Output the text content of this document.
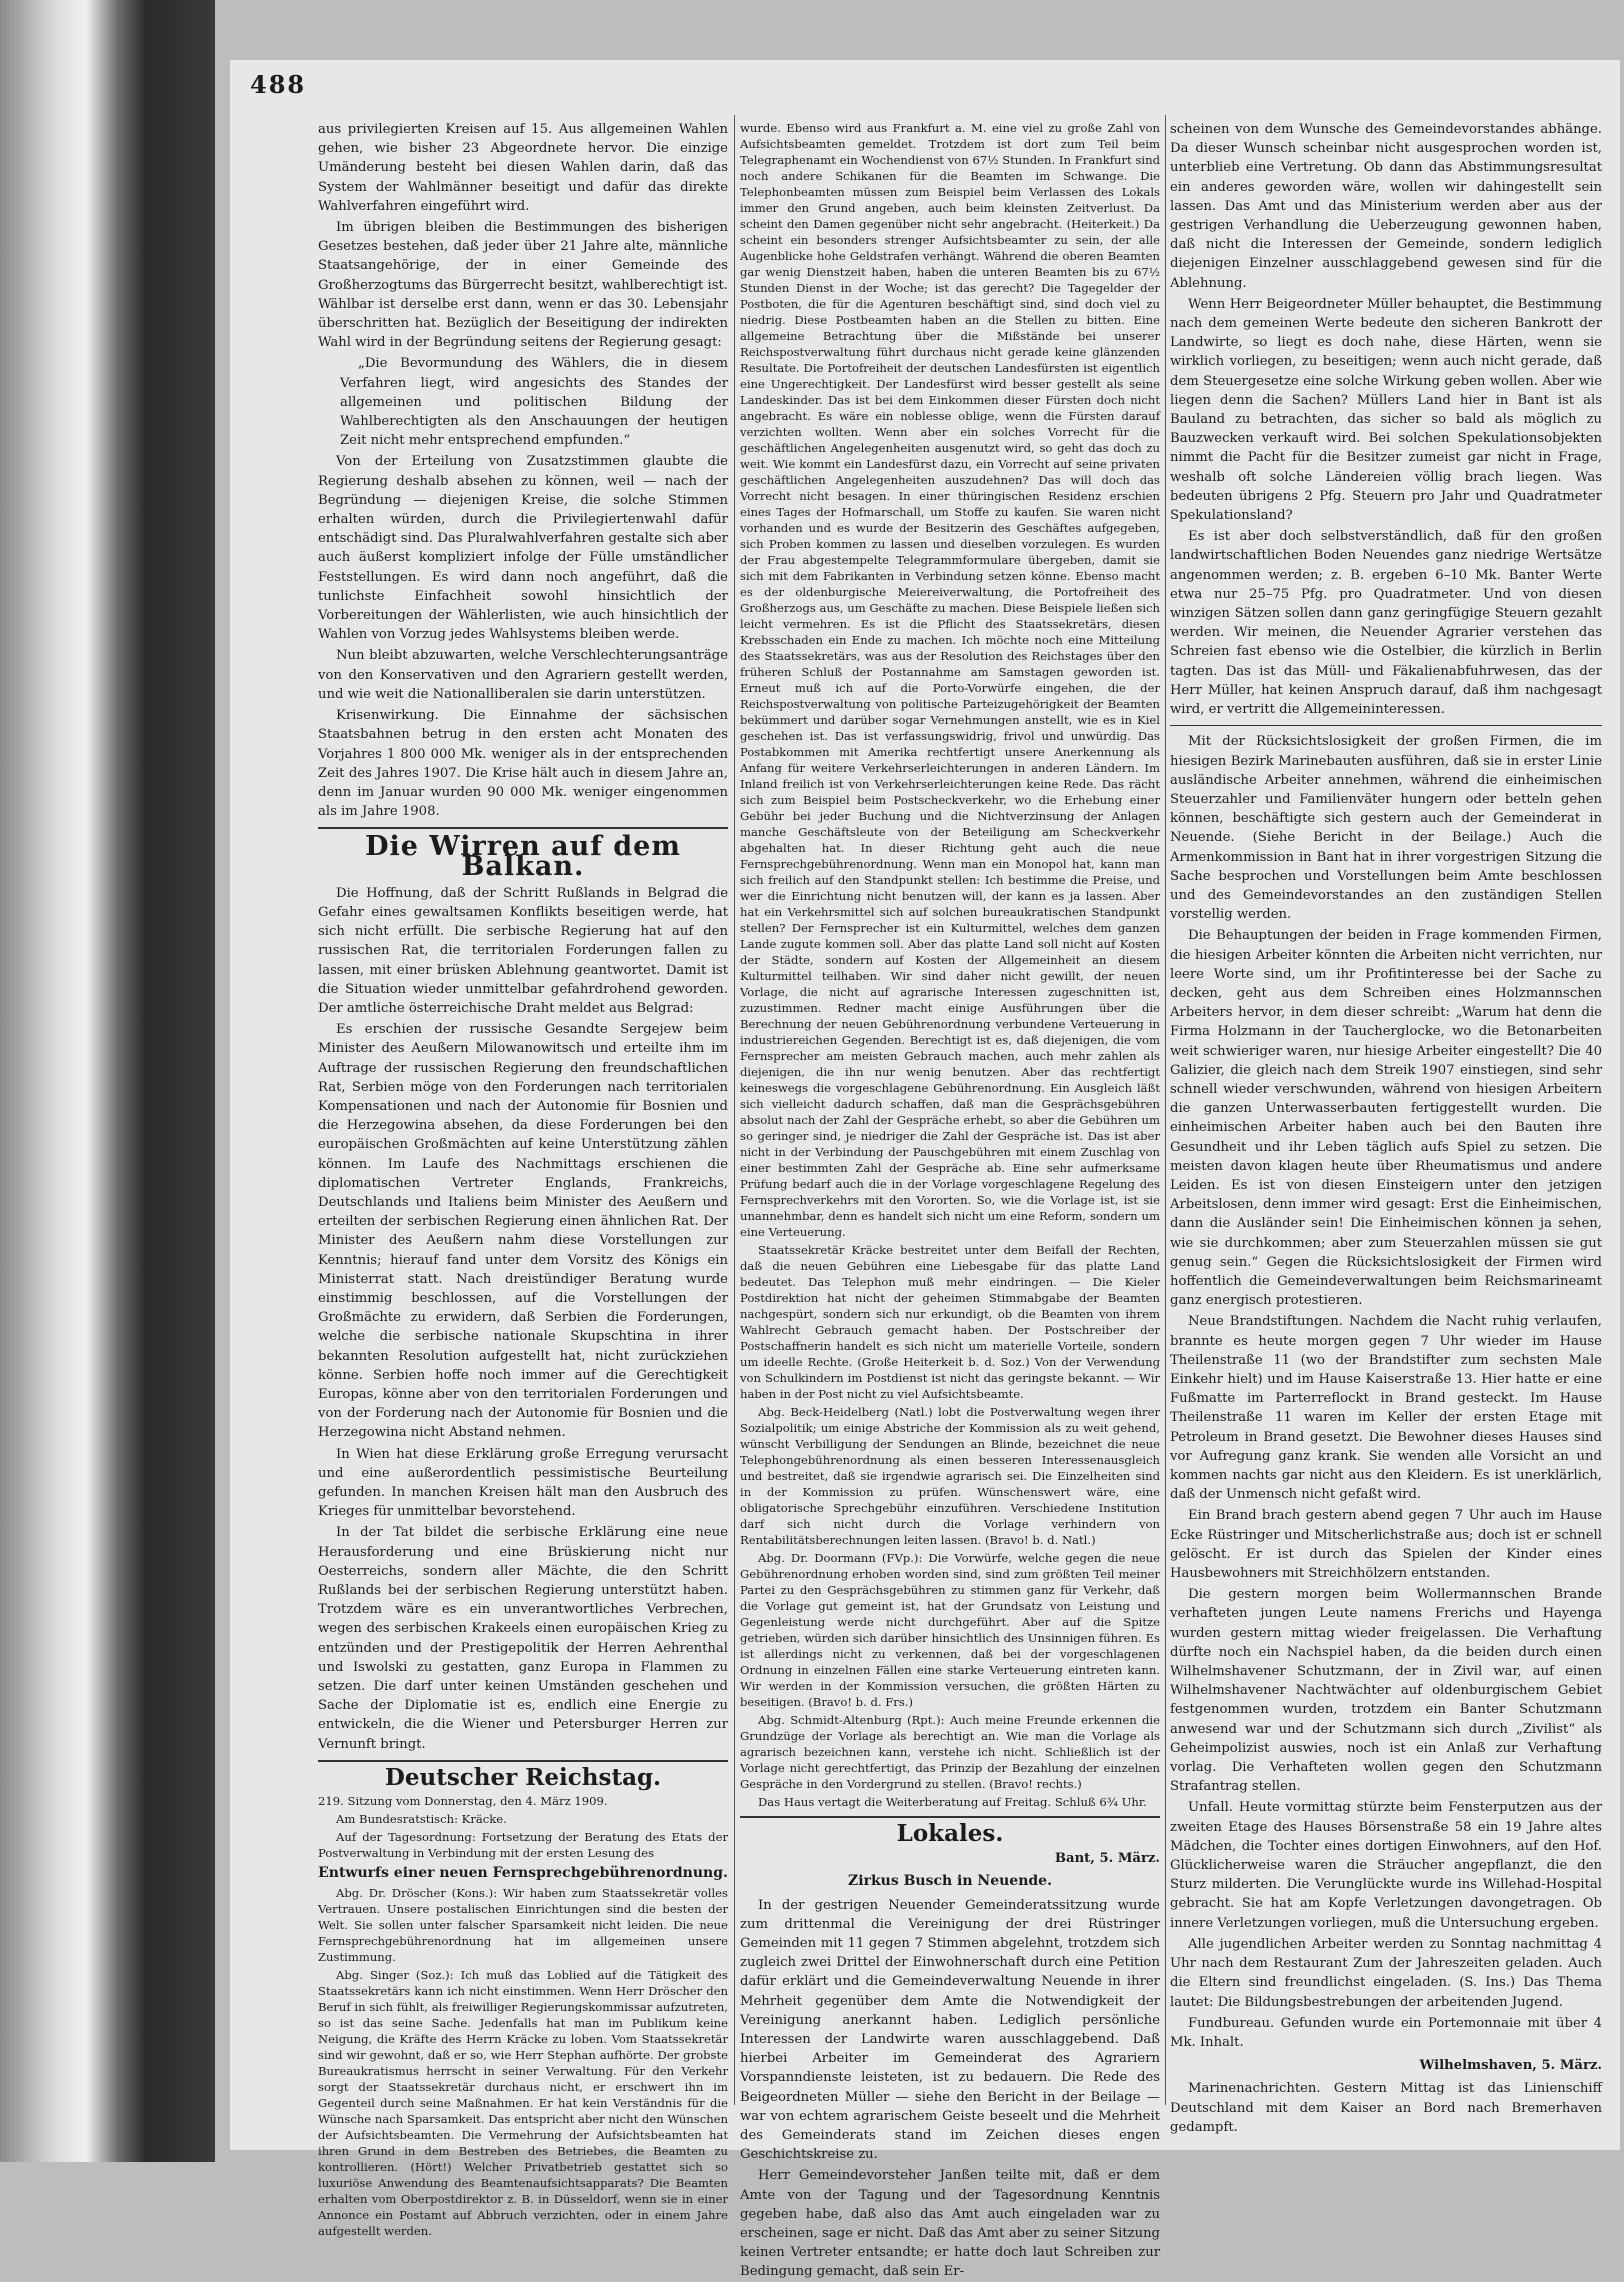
488

aus privilegierten Kreisen auf 15. Aus allgemeinen Wahlen gehen, wie bisher 23 Abgeordnete hervor. Die einzige Umänderung besteht bei diesen Wahlen darin, daß das System der Wahlmänner beseitigt und dafür das direkte Wahlverfahren eingeführt wird.

Im übrigen bleiben die Bestimmungen des bisherigen Gesetzes bestehen, daß jeder über 21 Jahre alte, männliche Staatsangehörige, der in einer Gemeinde des Großherzogtums das Bürgerrecht besitzt, wahlberechtigt ist. Wählbar ist derselbe erst dann, wenn er das 30. Lebensjahr überschritten hat. Bezüglich der Beseitigung der indirekten Wahl wird in der Begründung seitens der Regierung gesagt:

„Die Bevormundung des Wählers, die in diesem Verfahren liegt, wird angesichts des Standes der allgemeinen und politischen Bildung der Wahlberechtigten als den Anschauungen der heutigen Zeit nicht mehr entsprechend empfunden.“

Von der Erteilung von Zusatzstimmen glaubte die Regierung deshalb absehen zu können, weil — nach der Begründung — diejenigen Kreise, die solche Stimmen erhalten würden, durch die Privilegiertenwahl dafür entschädigt sind. Das Pluralwahlverfahren gestalte sich aber auch äußerst kompliziert infolge der Fülle umständlicher Feststellungen. Es wird dann noch angeführt, daß die tunlichste Einfachheit sowohl hinsichtlich der Vorbereitungen der Wählerlisten, wie auch hinsichtlich der Wahlen von Vorzug jedes Wahlsystems bleiben werde.

Nun bleibt abzuwarten, welche Verschlechterungsanträge von den Konservativen und den Agrariern gestellt werden, und wie weit die Nationalliberalen sie darin unterstützen.

Krisenwirkung. Die Einnahme der sächsischen Staatsbahnen betrug in den ersten acht Monaten des Vorjahres 1 800 000 Mk. weniger als in der entsprechenden Zeit des Jahres 1907. Die Krise hält auch in diesem Jahre an, denn im Januar wurden 90 000 Mk. weniger eingenommen als im Jahre 1908.

Die Wirren auf dem Balkan.

Die Hoffnung, daß der Schritt Rußlands in Belgrad die Gefahr eines gewaltsamen Konflikts beseitigen werde, hat sich nicht erfüllt. Die serbische Regierung hat auf den russischen Rat, die territorialen Forderungen fallen zu lassen, mit einer brüsken Ablehnung geantwortet. Damit ist die Situation wieder unmittelbar gefahrdrohend geworden. Der amtliche österreichische Draht meldet aus Belgrad:

Es erschien der russische Gesandte Sergejew beim Minister des Aeußern Milowanowitsch und erteilte ihm im Auftrage der russischen Regierung den freundschaftlichen Rat, Serbien möge von den Forderungen nach territorialen Kompensationen und nach der Autonomie für Bosnien und die Herzegowina absehen, da diese Forderungen bei den europäischen Großmächten auf keine Unterstützung zählen können. Im Laufe des Nachmittags erschienen die diplomatischen Vertreter Englands, Frankreichs, Deutschlands und Italiens beim Minister des Aeußern und erteilten der serbischen Regierung einen ähnlichen Rat. Der Minister des Aeußern nahm diese Vorstellungen zur Kenntnis; hierauf fand unter dem Vorsitz des Königs ein Ministerrat statt. Nach dreistündiger Beratung wurde einstimmig beschlossen, auf die Vorstellungen der Großmächte zu erwidern, daß Serbien die Forderungen, welche die serbische nationale Skupschtina in ihrer bekannten Resolution aufgestellt hat, nicht zurückziehen könne. Serbien hoffe noch immer auf die Gerechtigkeit Europas, könne aber von den territorialen Forderungen und von der Forderung nach der Autonomie für Bosnien und die Herzegowina nicht Abstand nehmen.

In Wien hat diese Erklärung große Erregung verursacht und eine außerordentlich pessimistische Beurteilung gefunden. In manchen Kreisen hält man den Ausbruch des Krieges für unmittelbar bevorstehend.

In der Tat bildet die serbische Erklärung eine neue Herausforderung und eine Brüskierung nicht nur Oesterreichs, sondern aller Mächte, die den Schritt Rußlands bei der serbischen Regierung unterstützt haben. Trotzdem wäre es ein unverantwortliches Verbrechen, wegen des serbischen Krakeels einen europäischen Krieg zu entzünden und der Prestigepolitik der Herren Aehrenthal und Iswolski zu gestatten, ganz Europa in Flammen zu setzen. Die darf unter keinen Umständen geschehen und Sache der Diplomatie ist es, endlich eine Energie zu entwickeln, die die Wiener und Petersburger Herren zur Vernunft bringt.

Deutscher Reichstag.

219. Sitzung vom Donnerstag, den 4. März 1909.

Am Bundesratstisch: Kräcke.

Auf der Tagesordnung: Fortsetzung der Beratung des Etats der Postverwaltung in Verbindung mit der ersten Lesung des

Entwurfs einer neuen Fernsprechgebührenordnung.

Abg. Dr. Dröscher (Kons.): Wir haben zum Staatssekretär volles Vertrauen. Unsere postalischen Einrichtungen sind die besten der Welt. Sie sollen unter falscher Sparsamkeit nicht leiden. Die neue Fernsprechgebührenordnung hat im allgemeinen unsere Zustimmung.

Abg. Singer (Soz.): Ich muß das Loblied auf die Tätigkeit des Staatssekretärs kann ich nicht einstimmen. Wenn Herr Dröscher den Beruf in sich fühlt, als freiwilliger Regierungskommissar aufzutreten, so ist das seine Sache. Jedenfalls hat man im Publikum keine Neigung, die Kräfte des Herrn Kräcke zu loben. Vom Staatssekretär sind wir gewohnt, daß er so, wie Herr Stephan aufhörte. Der grobste Bureaukratismus herrscht in seiner Verwaltung. Für den Verkehr sorgt der Staatssekretär durchaus nicht, er erschwert ihn im Gegenteil durch seine Maßnahmen. Er hat kein Verständnis für die Wünsche nach Sparsamkeit. Das entspricht aber nicht den Wünschen der Aufsichtsbeamten. Die Vermehrung der Aufsichtsbeamten hat ihren Grund in dem Bestreben des Betriebes, die Beamten zu kontrollieren. (Hört!) Welcher Privatbetrieb gestattet sich so luxuriöse Anwendung des Beamtenaufsichtsapparats? Die Beamten erhalten vom Oberpostdirektor z. B. in Düsseldorf, wenn sie in einer Annonce ein Postamt auf Abbruch verzichten, oder in einem Jahre aufgestellt werden.

wurde. Ebenso wird aus Frankfurt a. M. eine viel zu große Zahl von Aufsichtsbeamten gemeldet. Trotzdem ist dort zum Teil beim Telegraphenamt ein Wochendienst von 67½ Stunden. In Frankfurt sind noch andere Schikanen für die Beamten im Schwange. Die Telephonbeamten müssen zum Beispiel beim Verlassen des Lokals immer den Grund angeben, auch beim kleinsten Zeitverlust. Da scheint den Damen gegenüber nicht sehr angebracht. (Heiterkeit.) Da scheint ein besonders strenger Aufsichtsbeamter zu sein, der alle Augenblicke hohe Geldstrafen verhängt. Während die oberen Beamten gar wenig Dienstzeit haben, haben die unteren Beamten bis zu 67½ Stunden Dienst in der Woche; ist das gerecht? Die Tagegelder der Postboten, die für die Agenturen beschäftigt sind, sind doch viel zu niedrig. Diese Postbeamten haben an die Stellen zu bitten. Eine allgemeine Betrachtung über die Mißstände bei unserer Reichspostverwaltung führt durchaus nicht gerade keine glänzenden Resultate. Die Portofreiheit der deutschen Landesfürsten ist eigentlich eine Ungerechtigkeit. Der Landesfürst wird besser gestellt als seine Landeskinder. Das ist bei dem Einkommen dieser Fürsten doch nicht angebracht. Es wäre ein noblesse oblige, wenn die Fürsten darauf verzichten wollten. Wenn aber ein solches Vorrecht für die geschäftlichen Angelegenheiten ausgenutzt wird, so geht das doch zu weit. Wie kommt ein Landesfürst dazu, ein Vorrecht auf seine privaten geschäftlichen Angelegenheiten auszudehnen? Das will doch das Vorrecht nicht besagen. In einer thüringischen Residenz erschien eines Tages der Hofmarschall, um Stoffe zu kaufen. Sie waren nicht vorhanden und es wurde der Besitzerin des Geschäftes aufgegeben, sich Proben kommen zu lassen und dieselben vorzulegen. Es wurden der Frau abgestempelte Telegrammformulare übergeben, damit sie sich mit dem Fabrikanten in Verbindung setzen könne. Ebenso macht es der oldenburgische Meiereiverwaltung, die Portofreiheit des Großherzogs aus, um Geschäfte zu machen. Diese Beispiele ließen sich leicht vermehren. Es ist die Pflicht des Staatssekretärs, diesen Krebsschaden ein Ende zu machen. Ich möchte noch eine Mitteilung des Staatssekretärs, was aus der Resolution des Reichstages über den früheren Schluß der Postannahme am Samstagen geworden ist. Erneut muß ich auf die Porto-Vorwürfe eingehen, die der Reichspostverwaltung von politische Parteizugehörigkeit der Beamten bekümmert und darüber sogar Vernehmungen anstellt, wie es in Kiel geschehen ist. Das ist verfassungswidrig, frivol und unwürdig. Das Postabkommen mit Amerika rechtfertigt unsere Anerkennung als Anfang für weitere Verkehrserleichterungen in anderen Ländern. Im Inland freilich ist von Verkehrserleichterungen keine Rede. Das rächt sich zum Beispiel beim Postscheckverkehr, wo die Erhebung einer Gebühr bei jeder Buchung und die Nichtverzinsung der Anlagen manche Geschäftsleute von der Beteiligung am Scheckverkehr abgehalten hat. In dieser Richtung geht auch die neue Fernsprechgebührenordnung. Wenn man ein Monopol hat, kann man sich freilich auf den Standpunkt stellen: Ich bestimme die Preise, und wer die Einrichtung nicht benutzen will, der kann es ja lassen. Aber hat ein Verkehrsmittel sich auf solchen bureaukratischen Standpunkt stellen? Der Fernsprecher ist ein Kulturmittel, welches dem ganzen Lande zugute kommen soll. Aber das platte Land soll nicht auf Kosten der Städte, sondern auf Kosten der Allgemeinheit an diesem Kulturmittel teilhaben. Wir sind daher nicht gewillt, der neuen Vorlage, die nicht auf agrarische Interessen zugeschnitten ist, zuzustimmen. Redner macht einige Ausführungen über die Berechnung der neuen Gebührenordnung verbundene Verteuerung in industriereichen Gegenden. Berechtigt ist es, daß diejenigen, die vom Fernsprecher am meisten Gebrauch machen, auch mehr zahlen als diejenigen, die ihn nur wenig benutzen. Aber das rechtfertigt keineswegs die vorgeschlagene Gebührenordnung. Ein Ausgleich läßt sich vielleicht dadurch schaffen, daß man die Gesprächsgebühren absolut nach der Zahl der Gespräche erhebt, so aber die Gebühren um so geringer sind, je niedriger die Zahl der Gespräche ist. Das ist aber nicht in der Verbindung der Pauschgebühren mit einem Zuschlag von einer bestimmten Zahl der Gespräche ab. Eine sehr aufmerksame Prüfung bedarf auch die in der Vorlage vorgeschlagene Regelung des Fernsprechverkehrs mit den Vororten. So, wie die Vorlage ist, ist sie unannehmbar, denn es handelt sich nicht um eine Reform, sondern um eine Verteuerung.

Staatssekretär Kräcke bestreitet unter dem Beifall der Rechten, daß die neuen Gebühren eine Liebesgabe für das platte Land bedeutet. Das Telephon muß mehr eindringen. — Die Kieler Postdirektion hat nicht der geheimen Stimmabgabe der Beamten nachgespürt, sondern sich nur erkundigt, ob die Beamten von ihrem Wahlrecht Gebrauch gemacht haben. Der Postschreiber der Postschaffnerin handelt es sich nicht um materielle Vorteile, sondern um ideelle Rechte. (Große Heiterkeit b. d. Soz.) Von der Verwendung von Schulkindern im Postdienst ist nicht das geringste bekannt. — Wir haben in der Post nicht zu viel Aufsichtsbeamte.

Abg. Beck-Heidelberg (Natl.) lobt die Postverwaltung wegen ihrer Sozialpolitik; um einige Abstriche der Kommission als zu weit gehend, wünscht Verbilligung der Sendungen an Blinde, bezeichnet die neue Telephongebührenordnung als einen besseren Interessenausgleich und bestreitet, daß sie irgendwie agrarisch sei. Die Einzelheiten sind in der Kommission zu prüfen. Wünschenswert wäre, eine obligatorische Sprechgebühr einzuführen. Verschiedene Institution darf sich nicht durch die Vorlage verhindern von Rentabilitätsberechnungen leiten lassen. (Bravo! b. d. Natl.)

Abg. Dr. Doormann (FVp.): Die Vorwürfe, welche gegen die neue Gebührenordnung erhoben worden sind, sind zum größten Teil meiner Partei zu den Gesprächsgebühren zu stimmen ganz für Verkehr, daß die Vorlage gut gemeint ist, hat der Grundsatz von Leistung und Gegenleistung werde nicht durchgeführt. Aber auf die Spitze getrieben, würden sich darüber hinsichtlich des Unsinnigen führen. Es ist allerdings nicht zu verkennen, daß bei der vorgeschlagenen Ordnung in einzelnen Fällen eine starke Verteuerung eintreten kann. Wir werden in der Kommission versuchen, die größten Härten zu beseitigen. (Bravo! b. d. Frs.)

Abg. Schmidt-Altenburg (Rpt.): Auch meine Freunde erkennen die Grundzüge der Vorlage als berechtigt an. Wie man die Vorlage als agrarisch bezeichnen kann, verstehe ich nicht. Schließlich ist der Vorlage nicht gerechtfertigt, das Prinzip der Bezahlung der einzelnen Gespräche in den Vordergrund zu stellen. (Bravo! rechts.)

Das Haus vertagt die Weiterberatung auf Freitag. Schluß 6¾ Uhr.

Lokales.

Bant, 5. März.

Zirkus Busch in Neuende.

In der gestrigen Neuender Gemeinderatssitzung wurde zum drittenmal die Vereinigung der drei Rüstringer Gemeinden mit 11 gegen 7 Stimmen abgelehnt, trotzdem sich zugleich zwei Drittel der Einwohnerschaft durch eine Petition dafür erklärt und die Gemeindeverwaltung Neuende in ihrer Mehrheit gegenüber dem Amte die Notwendigkeit der Vereinigung anerkannt haben. Lediglich persönliche Interessen der Landwirte waren ausschlaggebend. Daß hierbei Arbeiter im Gemeinderat des Agrariern Vorspanndienste leisteten, ist zu bedauern. Die Rede des Beigeordneten Müller — siehe den Bericht in der Beilage — war von echtem agrarischem Geiste beseelt und die Mehrheit des Gemeinderats stand im Zeichen dieses engen Geschichtskreise zu.

Herr Gemeindevorsteher Janßen teilte mit, daß er dem Amte von der Tagung und der Tagesordnung Kenntnis gegeben habe, daß also das Amt auch eingeladen war zu erscheinen, sage er nicht. Daß das Amt aber zu seiner Sitzung keinen Vertreter entsandte; er hatte doch laut Schreiben zur Bedingung gemacht, daß sein Er-

scheinen von dem Wunsche des Gemeindevorstandes abhänge. Da dieser Wunsch scheinbar nicht ausgesprochen worden ist, unterblieb eine Vertretung. Ob dann das Abstimmungsresultat ein anderes geworden wäre, wollen wir dahingestellt sein lassen. Das Amt und das Ministerium werden aber aus der gestrigen Verhandlung die Ueberzeugung gewonnen haben, daß nicht die Interessen der Gemeinde, sondern lediglich diejenigen Einzelner ausschlaggebend gewesen sind für die Ablehnung.

Wenn Herr Beigeordneter Müller behauptet, die Bestimmung nach dem gemeinen Werte bedeute den sicheren Bankrott der Landwirte, so liegt es doch nahe, diese Härten, wenn sie wirklich vorliegen, zu beseitigen; wenn auch nicht gerade, daß dem Steuergesetze eine solche Wirkung geben wollen. Aber wie liegen denn die Sachen? Müllers Land hier in Bant ist als Bauland zu betrachten, das sicher so bald als möglich zu Bauzwecken verkauft wird. Bei solchen Spekulationsobjekten nimmt die Pacht für die Besitzer zumeist gar nicht in Frage, weshalb oft solche Ländereien völlig brach liegen. Was bedeuten übrigens 2 Pfg. Steuern pro Jahr und Quadratmeter Spekulationsland?

Es ist aber doch selbstverständlich, daß für den großen landwirtschaftlichen Boden Neuendes ganz niedrige Wertsätze angenommen werden; z. B. ergeben 6–10 Mk. Banter Werte etwa nur 25–75 Pfg. pro Quadratmeter. Und von diesen winzigen Sätzen sollen dann ganz geringfügige Steuern gezahlt werden. Wir meinen, die Neuender Agrarier verstehen das Schreien fast ebenso wie die Ostelbier, die kürzlich in Berlin tagten. Das ist das Müll- und Fäkalienabfuhrwesen, das der Herr Müller, hat keinen Anspruch darauf, daß ihm nachgesagt wird, er vertritt die Allgemeininteressen.

Mit der Rücksichtslosigkeit der großen Firmen, die im hiesigen Bezirk Marinebauten ausführen, daß sie in erster Linie ausländische Arbeiter annehmen, während die einheimischen Steuerzahler und Familienväter hungern oder betteln gehen können, beschäftigte sich gestern auch der Gemeinderat in Neuende. (Siehe Bericht in der Beilage.) Auch die Armenkommission in Bant hat in ihrer vorgestrigen Sitzung die Sache besprochen und Vorstellungen beim Amte beschlossen und des Gemeindevorstandes an den zuständigen Stellen vorstellig werden.

Die Behauptungen der beiden in Frage kommenden Firmen, die hiesigen Arbeiter könnten die Arbeiten nicht verrichten, nur leere Worte sind, um ihr Profitinteresse bei der Sache zu decken, geht aus dem Schreiben eines Holzmannschen Arbeiters hervor, in dem dieser schreibt: „Warum hat denn die Firma Holzmann in der Taucherglocke, wo die Betonarbeiten weit schwieriger waren, nur hiesige Arbeiter eingestellt? Die 40 Galizier, die gleich nach dem Streik 1907 einstiegen, sind sehr schnell wieder verschwunden, während von hiesigen Arbeitern die ganzen Unterwasserbauten fertiggestellt wurden. Die einheimischen Arbeiter haben auch bei den Bauten ihre Gesundheit und ihr Leben täglich aufs Spiel zu setzen. Die meisten davon klagen heute über Rheumatismus und andere Leiden. Es ist von diesen Einsteigern unter den jetzigen Arbeitslosen, denn immer wird gesagt: Erst die Einheimischen, dann die Ausländer sein! Die Einheimischen können ja sehen, wie sie durchkommen; aber zum Steuerzahlen müssen sie gut genug sein.“ Gegen die Rücksichtslosigkeit der Firmen wird hoffentlich die Gemeindeverwaltungen beim Reichsmarineamt ganz energisch protestieren.

Neue Brandstiftungen. Nachdem die Nacht ruhig verlaufen, brannte es heute morgen gegen 7 Uhr wieder im Hause Theilenstraße 11 (wo der Brandstifter zum sechsten Male Einkehr hielt) und im Hause Kaiserstraße 13. Hier hatte er eine Fußmatte im Parterreflockt in Brand gesteckt. Im Hause Theilenstraße 11 waren im Keller der ersten Etage mit Petroleum in Brand gesetzt. Die Bewohner dieses Hauses sind vor Aufregung ganz krank. Sie wenden alle Vorsicht an und kommen nachts gar nicht aus den Kleidern. Es ist unerklärlich, daß der Unmensch nicht gefaßt wird.

Ein Brand brach gestern abend gegen 7 Uhr auch im Hause Ecke Rüstringer und Mitscherlichstraße aus; doch ist er schnell gelöscht. Er ist durch das Spielen der Kinder eines Hausbewohners mit Streichhölzern entstanden.

Die gestern morgen beim Wollermannschen Brande verhafteten jungen Leute namens Frerichs und Hayenga wurden gestern mittag wieder freigelassen. Die Verhaftung dürfte noch ein Nachspiel haben, da die beiden durch einen Wilhelmshavener Schutzmann, der in Zivil war, auf einen Wilhelmshavener Nachtwächter auf oldenburgischem Gebiet festgenommen wurden, trotzdem ein Banter Schutzmann anwesend war und der Schutzmann sich durch „Zivilist“ als Geheimpolizist auswies, noch ist ein Anlaß zur Verhaftung vorlag. Die Verhafteten wollen gegen den Schutzmann Strafantrag stellen.

Unfall. Heute vormittag stürzte beim Fensterputzen aus der zweiten Etage des Hauses Börsenstraße 58 ein 19 Jahre altes Mädchen, die Tochter eines dortigen Einwohners, auf den Hof. Glücklicherweise waren die Sträucher angepflanzt, die den Sturz milderten. Die Verunglückte wurde ins Willehad-Hospital gebracht. Sie hat am Kopfe Verletzungen davongetragen. Ob innere Verletzungen vorliegen, muß die Untersuchung ergeben.

Alle jugendlichen Arbeiter werden zu Sonntag nachmittag 4 Uhr nach dem Restaurant Zum der Jahreszeiten geladen. Auch die Eltern sind freundlichst eingeladen. (S. Ins.) Das Thema lautet: Die Bildungsbestrebungen der arbeitenden Jugend.

Fundbureau. Gefunden wurde ein Portemonnaie mit über 4 Mk. Inhalt.

Wilhelmshaven, 5. März.

Marinenachrichten. Gestern Mittag ist das Linienschiff Deutschland mit dem Kaiser an Bord nach Bremerhaven gedampft.
